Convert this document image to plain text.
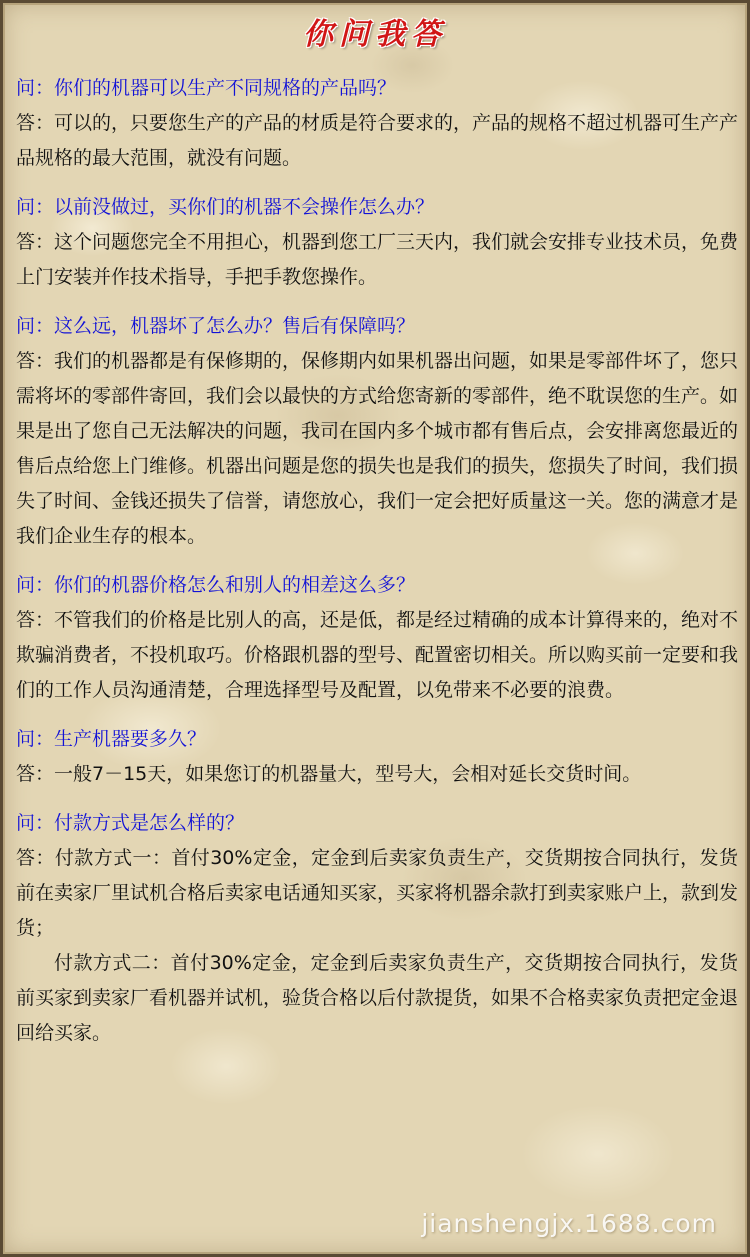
你问我答

问：你们的机器可以生产不同规格的产品吗？

答：可以的，只要您生产的产品的材质是符合要求的，产品的规格不超过机器可生产产品规格的最大范围，就没有问题。

问：以前没做过，买你们的机器不会操作怎么办？

答：这个问题您完全不用担心，机器到您工厂三天内，我们就会安排专业技术员，免费上门安装并作技术指导，手把手教您操作。

问：这么远，机器坏了怎么办？售后有保障吗？

答：我们的机器都是有保修期的，保修期内如果机器出问题，如果是零部件坏了，您只需将坏的零部件寄回，我们会以最快的方式给您寄新的零部件，绝不耽误您的生产。如果是出了您自己无法解决的问题，我司在国内多个城市都有售后点，会安排离您最近的售后点给您上门维修。机器出问题是您的损失也是我们的损失，您损失了时间，我们损失了时间、金钱还损失了信誉，请您放心，我们一定会把好质量这一关。您的满意才是我们企业生存的根本。

问：你们的机器价格怎么和别人的相差这么多？

答：不管我们的价格是比别人的高，还是低，都是经过精确的成本计算得来的，绝对不欺骗消费者，不投机取巧。价格跟机器的型号、配置密切相关。所以购买前一定要和我们的工作人员沟通清楚，合理选择型号及配置，以免带来不必要的浪费。

问：生产机器要多久？

答：一般7－15天，如果您订的机器量大，型号大，会相对延长交货时间。

问：付款方式是怎么样的？

答：付款方式一：首付30%定金，定金到后卖家负责生产，交货期按合同执行，发货前在卖家厂里试机合格后卖家电话通知买家，买家将机器余款打到卖家账户上，款到发货；

付款方式二：首付30%定金，定金到后卖家负责生产，交货期按合同执行，发货前买家到卖家厂看机器并试机，验货合格以后付款提货，如果不合格卖家负责把定金退回给买家。

jianshengjx.1688.com
